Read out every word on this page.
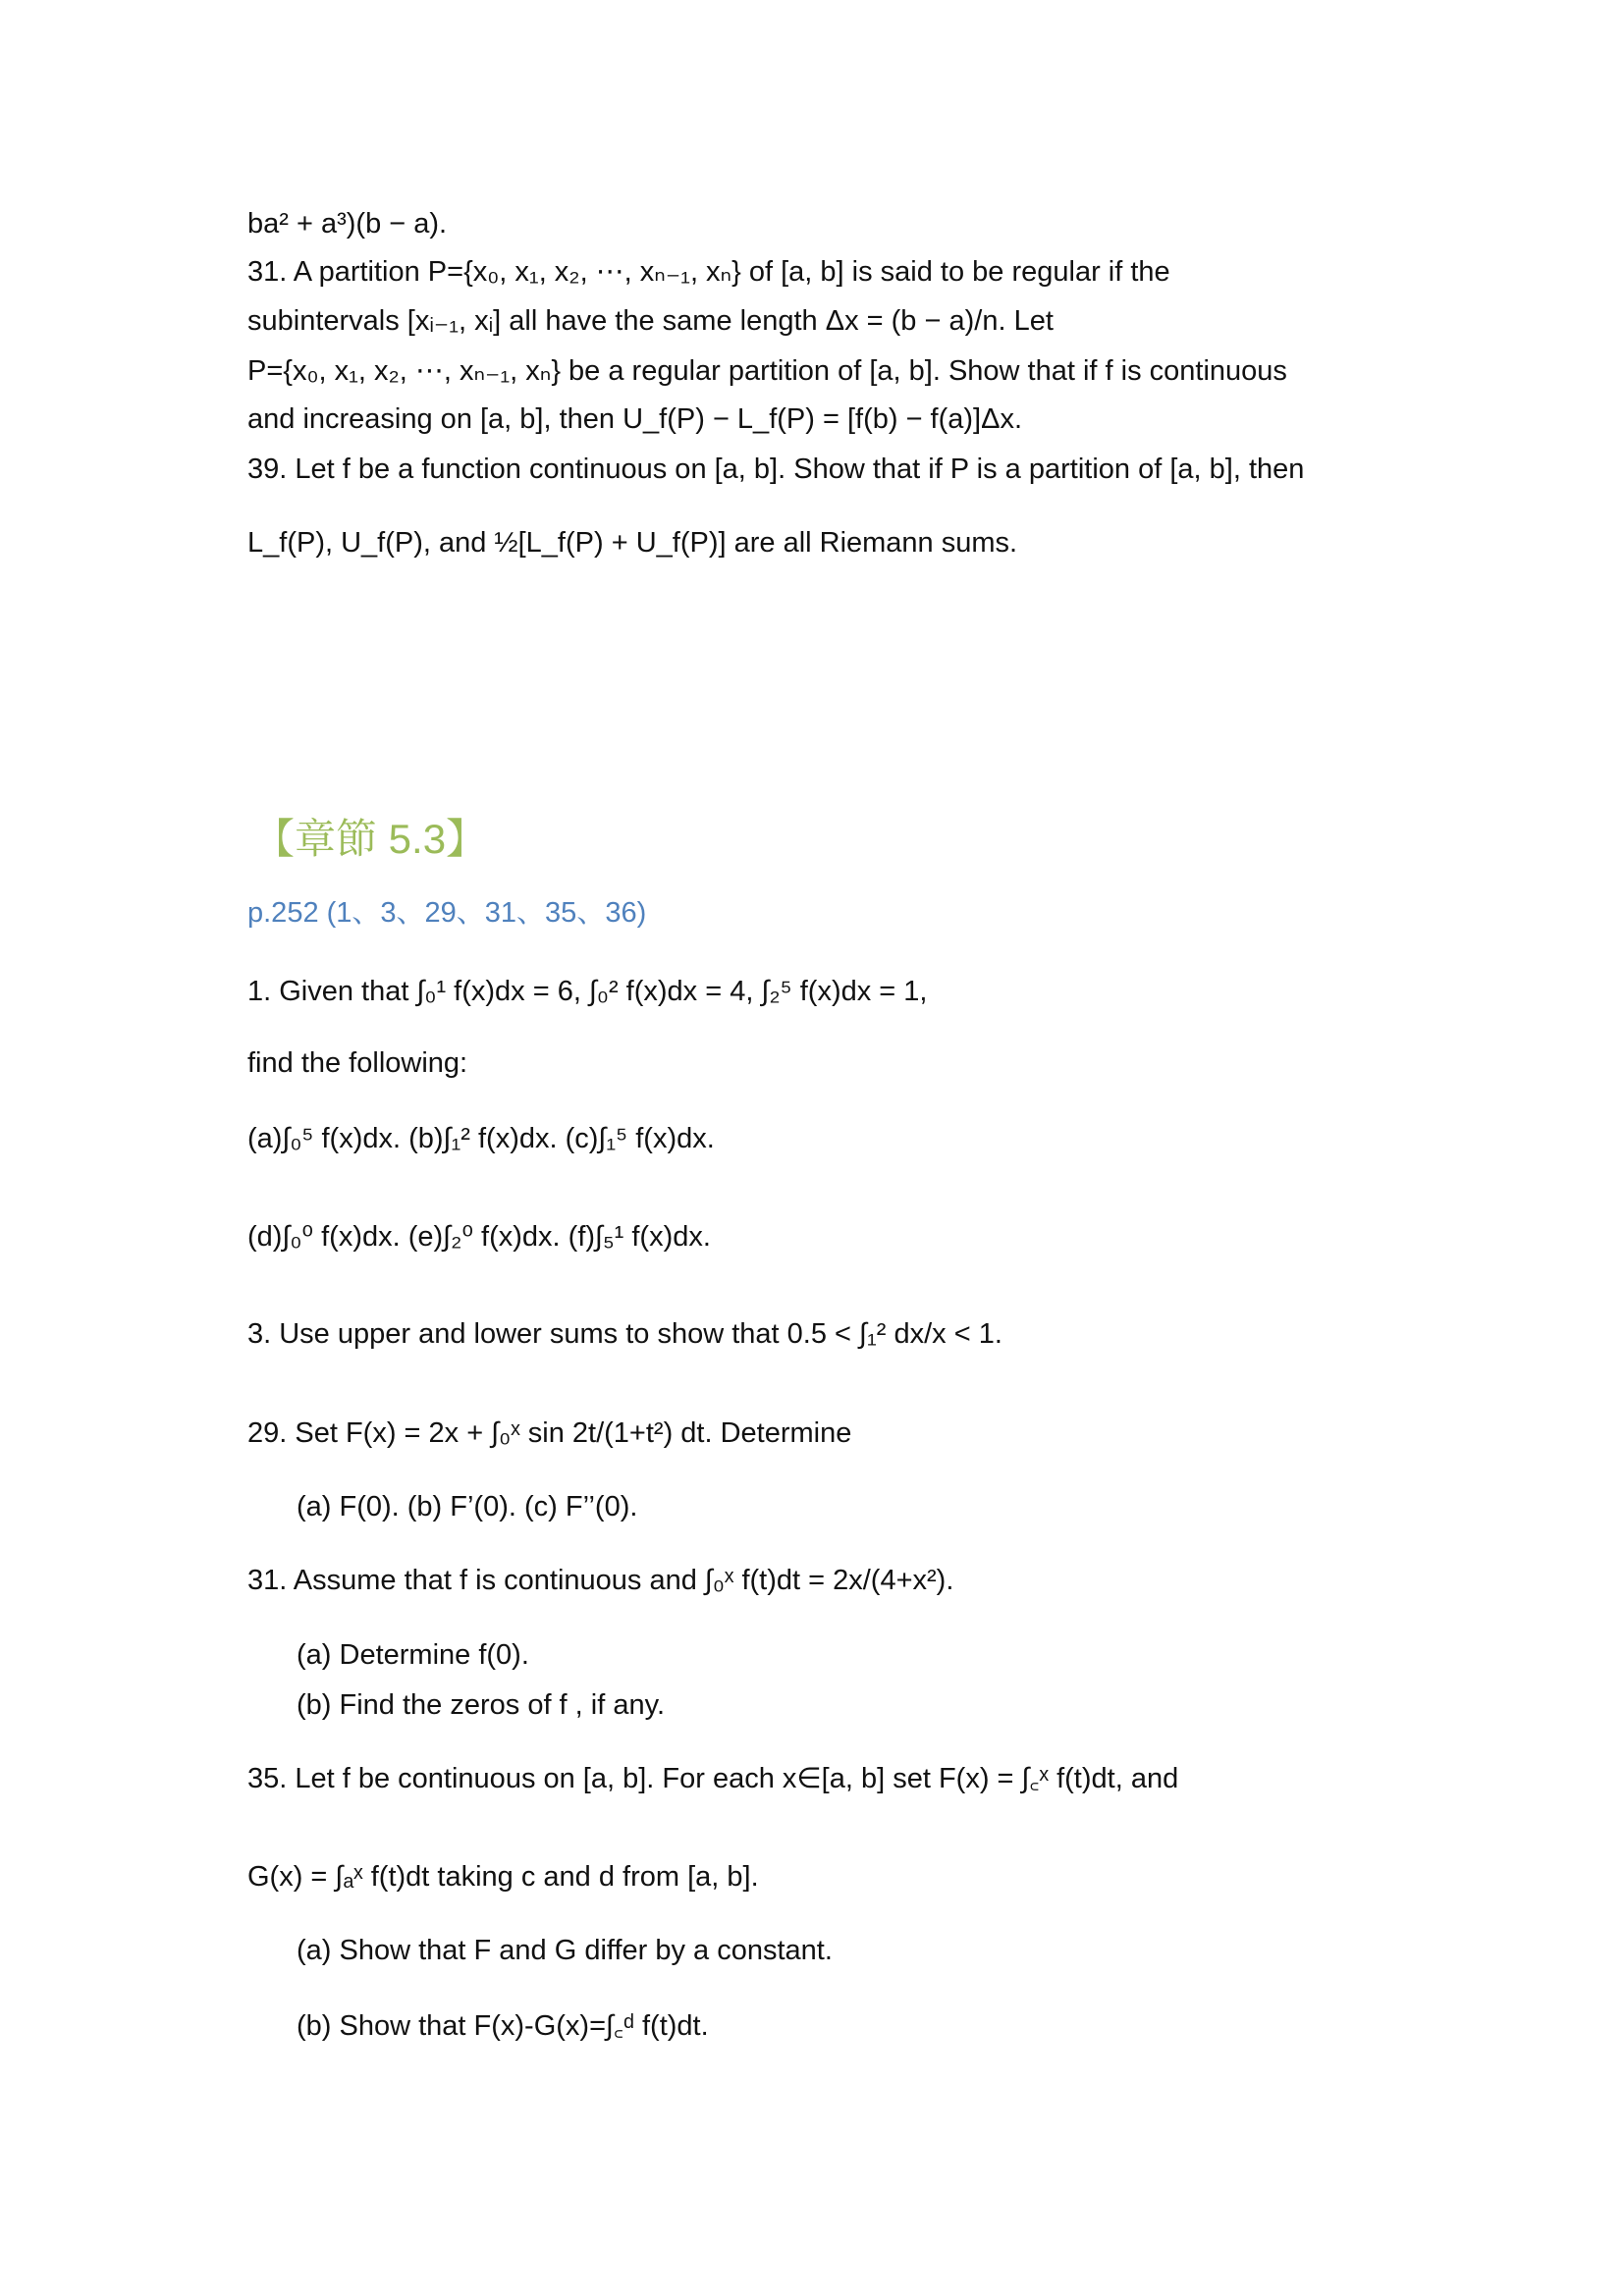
ba² + a³)(b − a).
31. A partition P={x₀, x₁, x₂, ⋯, xₙ₋₁, xₙ} of [a, b] is said to be regular if the
subintervals [xᵢ₋₁, xᵢ] all have the same length Δx = (b − a)/n. Let
P={x₀, x₁, x₂, ⋯, xₙ₋₁, xₙ} be a regular partition of [a, b]. Show that if f is continuous
and increasing on [a, b], then U_f(P) − L_f(P) = [f(b) − f(a)]Δx.
39. Let f be a function continuous on [a, b]. Show that if P is a partition of [a, b], then
L_f(P), U_f(P), and ½[L_f(P) + U_f(P)] are all Riemann sums.
【章節 5.3】
p.252 (1、3、29、31、35、36)
1. Given that ∫₀¹ f(x)dx = 6, ∫₀² f(x)dx = 4, ∫₂⁵ f(x)dx = 1,
find the following:
(a)∫₀⁵ f(x)dx. (b)∫₁² f(x)dx. (c)∫₁⁵ f(x)dx.
(d)∫₀⁰ f(x)dx. (e)∫₂⁰ f(x)dx. (f)∫₅¹ f(x)dx.
3. Use upper and lower sums to show that 0.5 < ∫₁² dx/x < 1.
29. Set F(x) = 2x + ∫₀ˣ sin 2t/(1+t²) dt. Determine
(a) F(0). (b) F’(0). (c) F’’(0).
31. Assume that f is continuous and ∫₀ˣ f(t)dt = 2x/(4+x²).
(a) Determine f(0).
(b) Find the zeros of f , if any.
35. Let f be continuous on [a, b]. For each x∈[a, b] set F(x) = ∫꜀ˣ f(t)dt, and
G(x) = ∫ₐˣ f(t)dt taking c and d from [a, b].
(a) Show that F and G differ by a constant.
(b) Show that F(x)-G(x)=∫꜀ᵈ f(t)dt.
